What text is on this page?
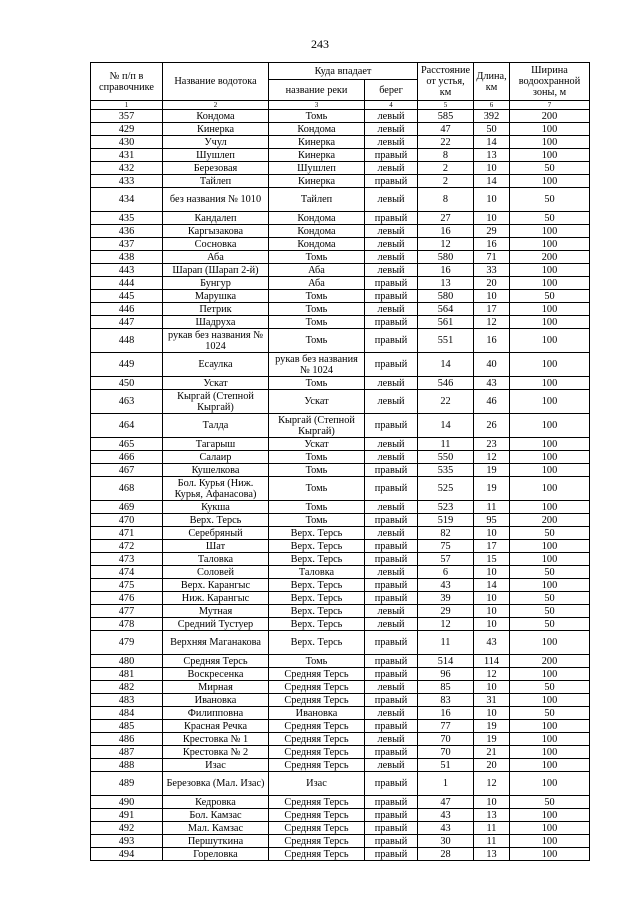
243
№ п/п в справочнике	Название водотока	Куда впадает		Расстояние от устья, км	Длина, км	Ширина водоохранной зоны, м
		название реки	берег			
1	2	3	4	5	6	7
357	Кондома	Томь	левый	585	392	200
429	Кинерка	Кондома	левый	47	50	100
430	Учул	Кинерка	левый	22	14	100
431	Шушлеп	Кинерка	правый	8	13	100
432	Березовая	Шушлеп	левый	2	10	50
433	Тайлеп	Кинерка	правый	2	14	100
434	без названия № 1010	Тайлеп	левый	8	10	50
435	Кандалеп	Кондома	правый	27	10	50
436	Каргызакова	Кондома	левый	16	29	100
437	Сосновка	Кондома	левый	12	16	100
438	Аба	Томь	левый	580	71	200
443	Шарап (Шарап 2-й)	Аба	левый	16	33	100
444	Бунгур	Аба	правый	13	20	100
445	Марушка	Томь	правый	580	10	50
446	Петрик	Томь	левый	564	17	100
447	Шадруха	Томь	правый	561	12	100
448	рукав без названия № 1024	Томь	правый	551	16	100
449	Есаулка	рукав без названия № 1024	правый	14	40	100
450	Ускат	Томь	левый	546	43	100
463	Кыргай (Степной Кыргай)	Ускат	левый	22	46	100
464	Талда	Кыргай (Степной Кыргай)	правый	14	26	100
465	Тагарыш	Ускат	левый	11	23	100
466	Салаир	Томь	левый	550	12	100
467	Кушелкова	Томь	правый	535	19	100
468	Бол. Курья (Ниж. Курья, Афанасова)	Томь	правый	525	19	100
469	Кукша	Томь	левый	523	11	100
470	Верх. Терсь	Томь	правый	519	95	200
471	Серебряный	Верх. Терсь	левый	82	10	50
472	Шат	Верх. Терсь	правый	75	17	100
473	Таловка	Верх. Терсь	правый	57	15	100
474	Соловей	Таловка	левый	6	10	50
475	Верх. Карангыс	Верх. Терсь	правый	43	14	100
476	Ниж. Карангыс	Верх. Терсь	правый	39	10	50
477	Мутная	Верх. Терсь	левый	29	10	50
478	Средний Тустуер	Верх. Терсь	левый	12	10	50
479	Верхняя Маганакова	Верх. Терсь	правый	11	43	100
480	Средняя Терсь	Томь	правый	514	114	200
481	Воскресенка	Средняя Терсь	правый	96	12	100
482	Мирная	Средняя Терсь	левый	85	10	50
483	Ивановка	Средняя Терсь	правый	83	31	100
484	Филипповна	Ивановка	левый	16	10	50
485	Красная Речка	Средняя Терсь	правый	77	19	100
486	Крестовка № 1	Средняя Терсь	левый	70	19	100
487	Крестовка № 2	Средняя Терсь	правый	70	21	100
488	Изас	Средняя Терсь	левый	51	20	100
489	Березовка (Мал. Изас)	Изас	правый	1	12	100
490	Кедровка	Средняя Терсь	правый	47	10	50
491	Бол. Камзас	Средняя Терсь	правый	43	13	100
492	Мал. Камзас	Средняя Терсь	правый	43	11	100
493	Першуткина	Средняя Терсь	правый	30	11	100
494	Гореловка	Средняя Терсь	правый	28	13	100
